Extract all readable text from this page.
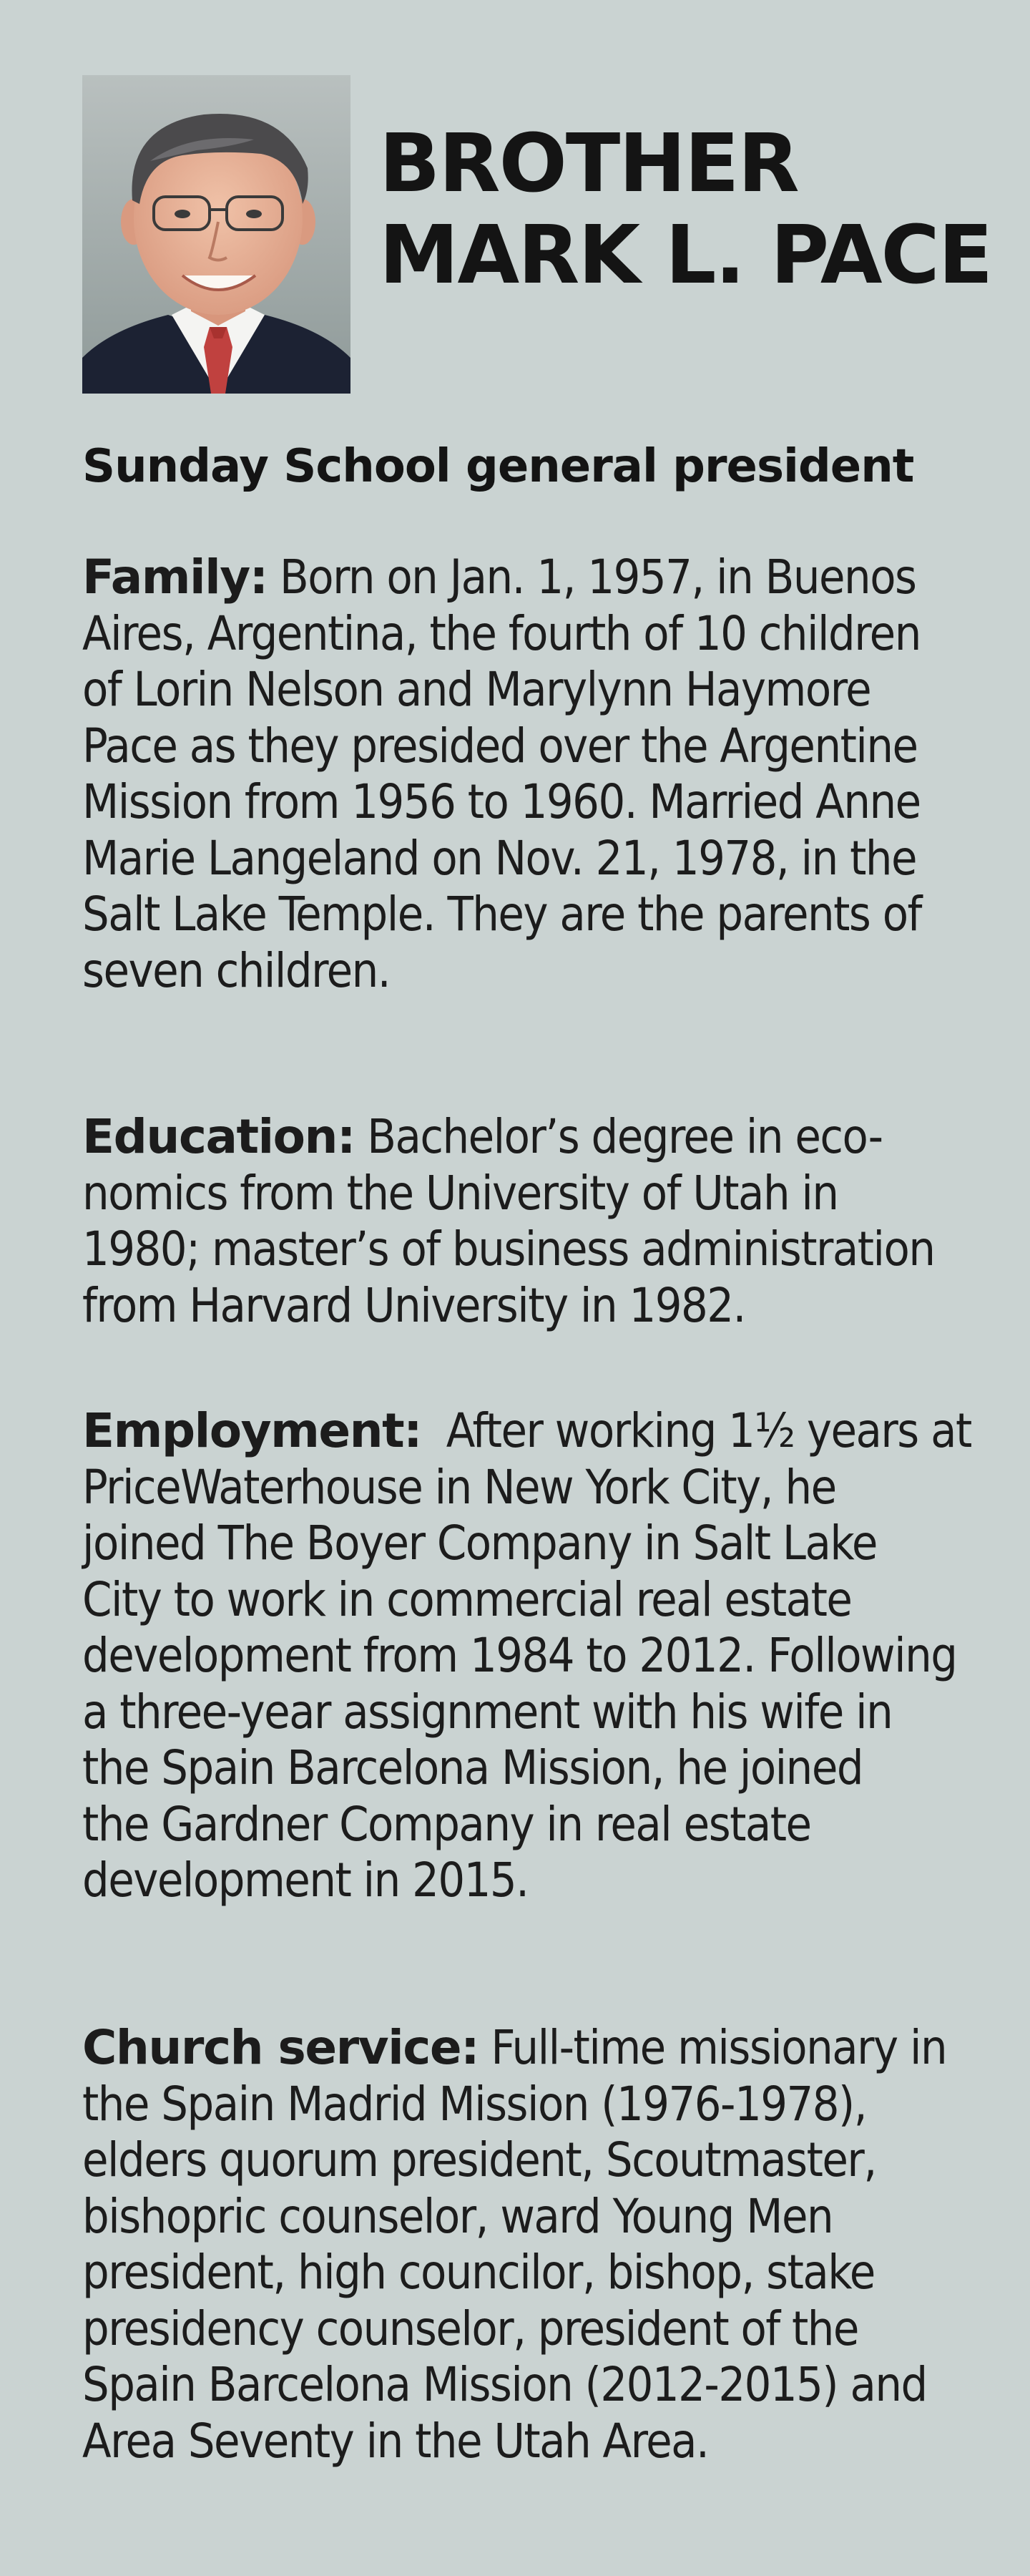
BROTHER
MARK L. PACE
Sunday School general president

Family: Born on Jan. 1, 1957, in Buenos
Aires, Argentina, the fourth of 10 children
of Lorin Nelson and Marylynn Haymore
Pace as they presided over the Argentine
Mission from 1956 to 1960. Married Anne
Marie Langeland on Nov. 21, 1978, in the
Salt Lake Temple. They are the parents of
seven children.

Education: Bachelor’s degree in eco-
nomics from the University of Utah in
1980; master’s of business administration
from Harvard University in 1982.

Employment:  After working 1½ years at
PriceWaterhouse in New York City, he
joined The Boyer Company in Salt Lake
City to work in commercial real estate
development from 1984 to 2012. Following
a three-year assignment with his wife in
the Spain Barcelona Mission, he joined
the Gardner Company in real estate
development in 2015.

Church service: Full-time missionary in
the Spain Madrid Mission (1976-1978),
elders quorum president, Scoutmaster,
bishopric counselor, ward Young Men
president, high councilor, bishop, stake
presidency counselor, president of the
Spain Barcelona Mission (2012-2015) and
Area Seventy in the Utah Area.
